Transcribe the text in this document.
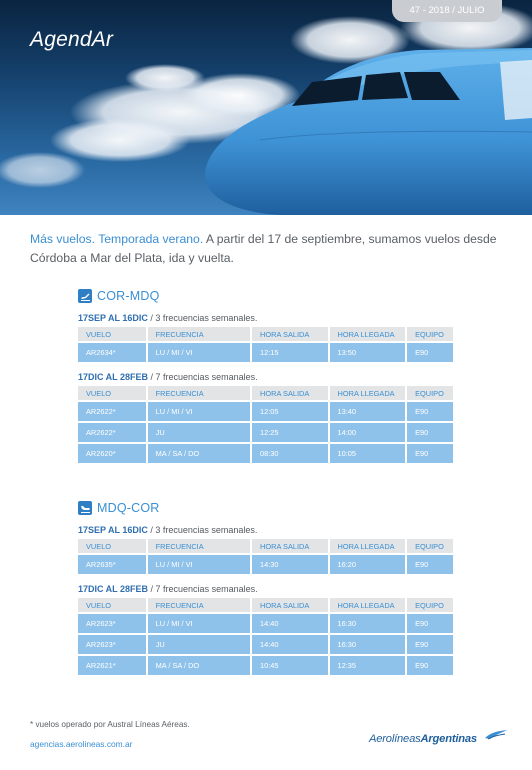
AgendAr
47 - 2018 / JULIO
Más vuelos. Temporada verano. A partir del 17 de septiembre, sumamos vuelos desde Córdoba a Mar del Plata, ida y vuelta.
COR-MDQ
17SEP AL 16DIC / 3 frecuencias semanales.
VUELO	FRECUENCIA	HORA SALIDA	HORA LLEGADA	EQUIPO
AR2634*	LU / MI / VI	12:15	13:50	E90
17DIC AL 28FEB / 7 frecuencias semanales.
VUELO	FRECUENCIA	HORA SALIDA	HORA LLEGADA	EQUIPO
AR2622*	LU / MI / VI	12:05	13:40	E90
AR2622*	JU	12:25	14:00	E90
AR2620*	MA / SA / DO	08:30	10:05	E90
MDQ-COR
17SEP AL 16DIC / 3 frecuencias semanales.
VUELO	FRECUENCIA	HORA SALIDA	HORA LLEGADA	EQUIPO
AR2635*	LU / MI / VI	14:30	16:20	E90
17DIC AL 28FEB / 7 frecuencias semanales.
VUELO	FRECUENCIA	HORA SALIDA	HORA LLEGADA	EQUIPO
AR2623*	LU / MI / VI	14:40	16:30	E90
AR2623*	JU	14:40	16:30	E90
AR2621*	MA / SA / DO	10:45	12:35	E90
* vuelos operado por Austral Líneas Aéreas.
agencias.aerolineas.com.ar	AerolíneasArgentinas
